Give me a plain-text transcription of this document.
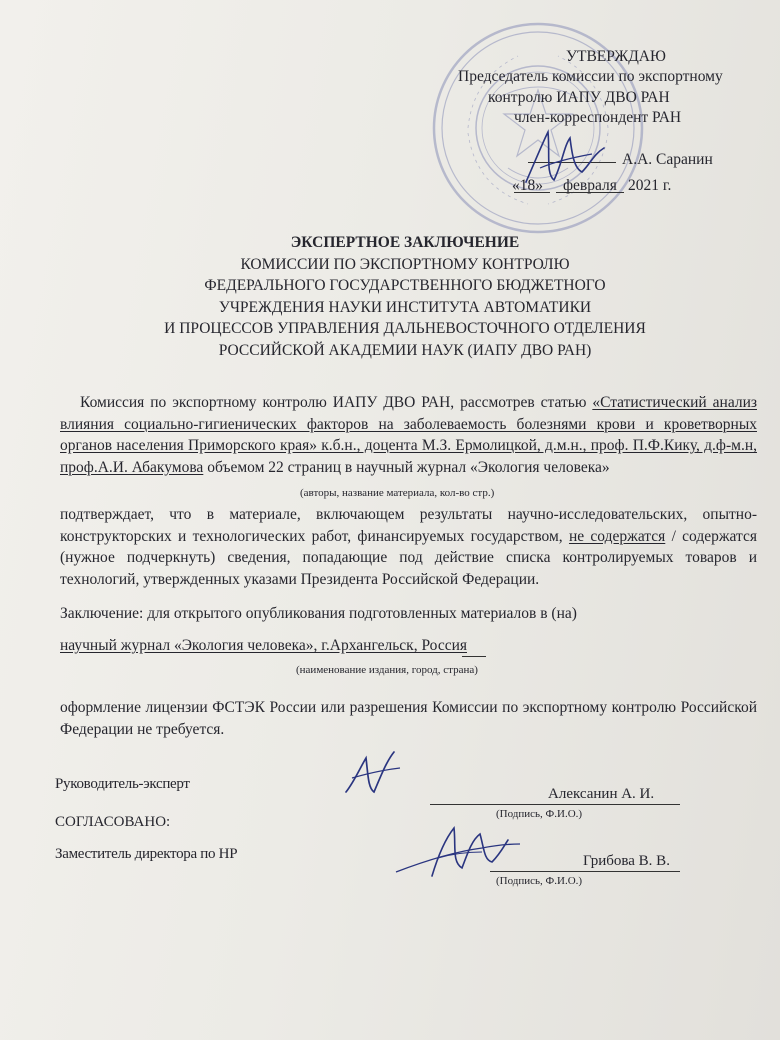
УТВЕРЖДАЮ
Председатель комиссии по экспортному
контролю ИАПУ ДВО РАН
член-корреспондент РАН
А.А. Саранин
«18» февраля 2021 г.
ЭКСПЕРТНОЕ ЗАКЛЮЧЕНИЕ
КОМИССИИ ПО ЭКСПОРТНОМУ КОНТРОЛЮ
ФЕДЕРАЛЬНОГО ГОСУДАРСТВЕННОГО БЮДЖЕТНОГО
УЧРЕЖДЕНИЯ НАУКИ ИНСТИТУТА АВТОМАТИКИ
И ПРОЦЕССОВ УПРАВЛЕНИЯ ДАЛЬНЕВОСТОЧНОГО ОТДЕЛЕНИЯ
РОССИЙСКОЙ АКАДЕМИИ НАУК (ИАПУ ДВО РАН)
Комиссия по экспортному контролю ИАПУ ДВО РАН, рассмотрев статью «Статистический анализ влияния социально-гигиенических факторов на заболеваемость болезнями крови и кроветворных органов населения Приморского края» к.б.н., доцента М.З. Ермолицкой, д.м.н., проф. П.Ф.Кику, д.ф-м.н, проф.А.И. Абакумова объемом 22 страниц в научный журнал «Экология человека»
(авторы, название материала, кол-во стр.)
подтверждает, что в материале, включающем результаты научно-исследовательских, опытно-конструкторских и технологических работ, финансируемых государством, не содержатся / содержатся (нужное подчеркнуть) сведения, попадающие под действие списка контролируемых товаров и технологий, утвержденных указами Президента Российской Федерации.
Заключение: для открытого опубликования подготовленных материалов в (на)
научный журнал «Экология человека», г.Архангельск, Россия
(наименование издания, город, страна)
оформление лицензии ФСТЭК России или разрешения Комиссии по экспортному контролю Российской Федерации не требуется.
Руководитель-эксперт
Алексанин А. И.
(Подпись, Ф.И.О.)
СОГЛАСОВАНО:
Заместитель директора по НР	Грибова В. В.
(Подпись, Ф.И.О.)
